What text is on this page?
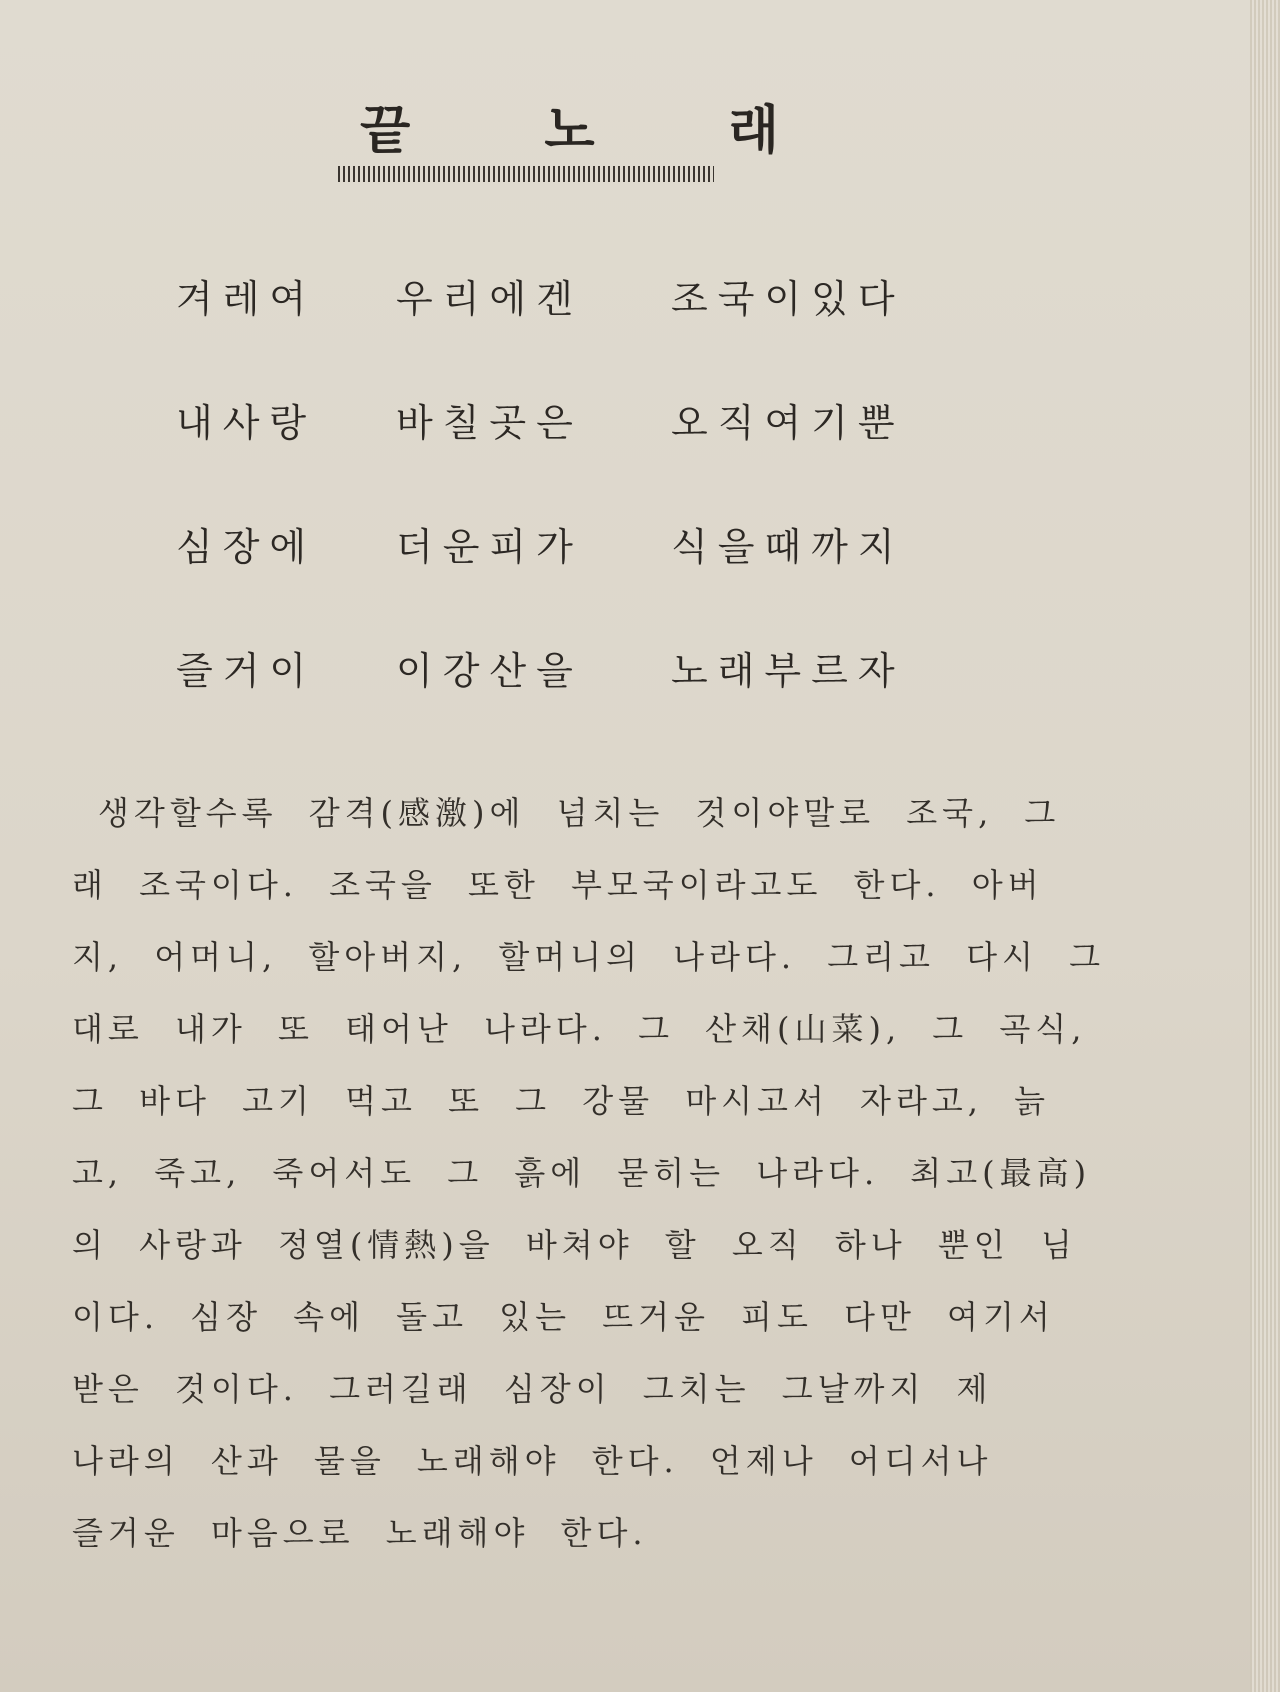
끝 노 래
겨레여 우리에겐 조국이있다
내사랑 바칠곳은 오직여기뿐
심장에 더운피가 식을때까지
즐거이 이강산을 노래부르자
생각할수록 감격(感激)에 넘치는 것이야말로 조국, 그
래 조국이다. 조국을 또한 부모국이라고도 한다. 아버
지, 어머니, 할아버지, 할머니의 나라다. 그리고 다시 그
대로 내가 또 태어난 나라다. 그 산채(山菜), 그 곡식,
그 바다 고기 먹고 또 그 강물 마시고서 자라고, 늙
고, 죽고, 죽어서도 그 흙에 묻히는 나라다. 최고(最高)
의 사랑과 정열(情熱)을 바쳐야 할 오직 하나 뿐인 님
이다. 심장 속에 돌고 있는 뜨거운 피도 다만 여기서
받은 것이다. 그러길래 심장이 그치는 그날까지 제
나라의 산과 물을 노래해야 한다. 언제나 어디서나
즐거운 마음으로 노래해야 한다.
